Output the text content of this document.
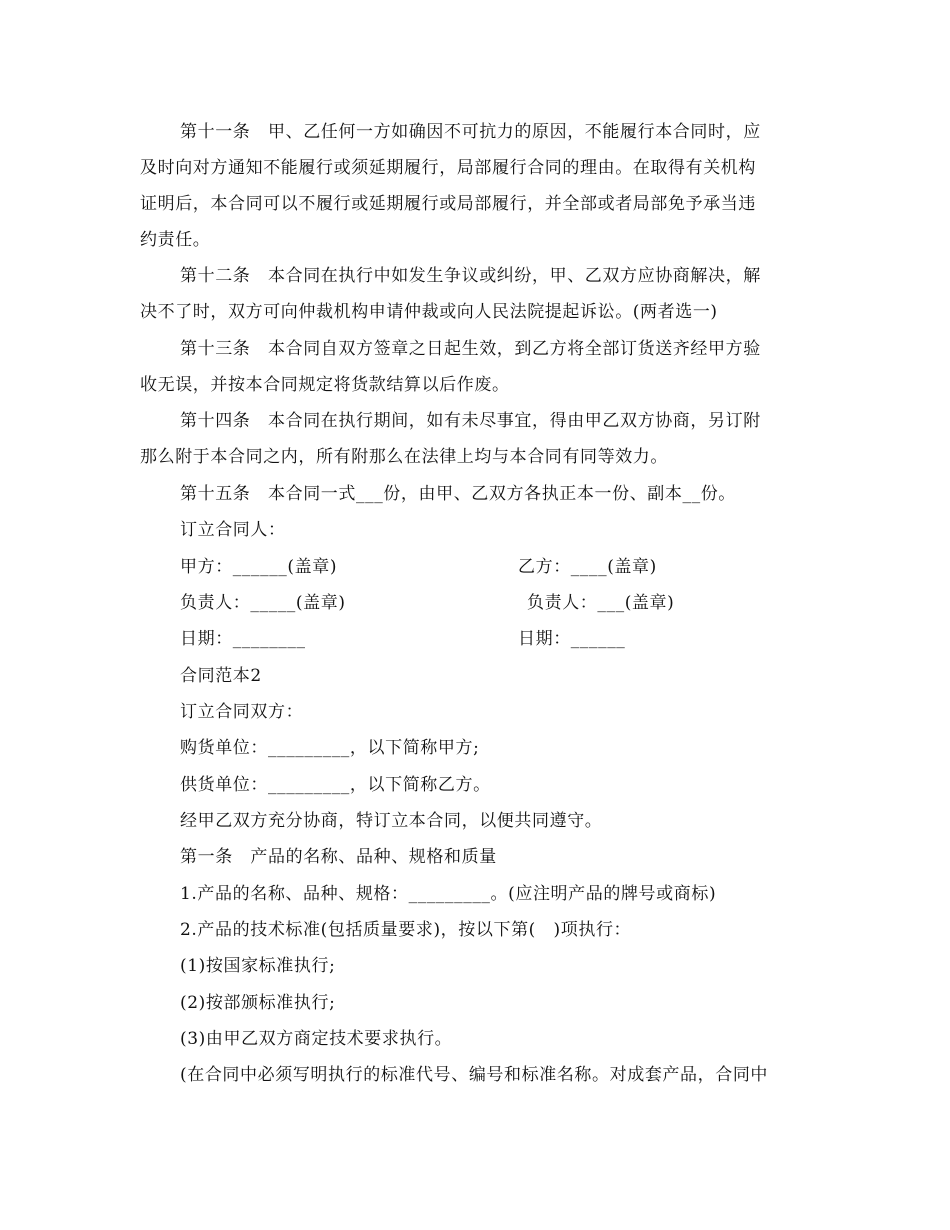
第十一条　甲、乙任何一方如确因不可抗力的原因，不能履行本合同时，应
及时向对方通知不能履行或须延期履行，局部履行合同的理由。在取得有关机构
证明后，本合同可以不履行或延期履行或局部履行，并全部或者局部免予承当违
约责任。
第十二条　本合同在执行中如发生争议或纠纷，甲、乙双方应协商解决，解
决不了时，双方可向仲裁机构申请仲裁或向人民法院提起诉讼。(两者选一)
第十三条　本合同自双方签章之日起生效，到乙方将全部订货送齐经甲方验
收无误，并按本合同规定将货款结算以后作废。
第十四条　本合同在执行期间，如有未尽事宜，得由甲乙双方协商，另订附
那么附于本合同之内，所有附那么在法律上均与本合同有同等效力。
第十五条　本合同一式___份，由甲、乙双方各执正本一份、副本__份。
订立合同人：
甲方：______(盖章)	乙方：____(盖章)
负责人：_____(盖章)	负责人：___(盖章)
日期：________	日期：______
合同范本2
订立合同双方：
购货单位：_________，以下简称甲方;
供货单位：_________，以下简称乙方。
经甲乙双方充分协商，特订立本合同，以便共同遵守。
第一条　产品的名称、品种、规格和质量
1.产品的名称、品种、规格：_________。(应注明产品的牌号或商标)
2.产品的技术标准(包括质量要求)，按以下第(　)项执行：
(1)按国家标准执行;
(2)按部颁标准执行;
(3)由甲乙双方商定技术要求执行。
(在合同中必须写明执行的标准代号、编号和标准名称。对成套产品，合同中
